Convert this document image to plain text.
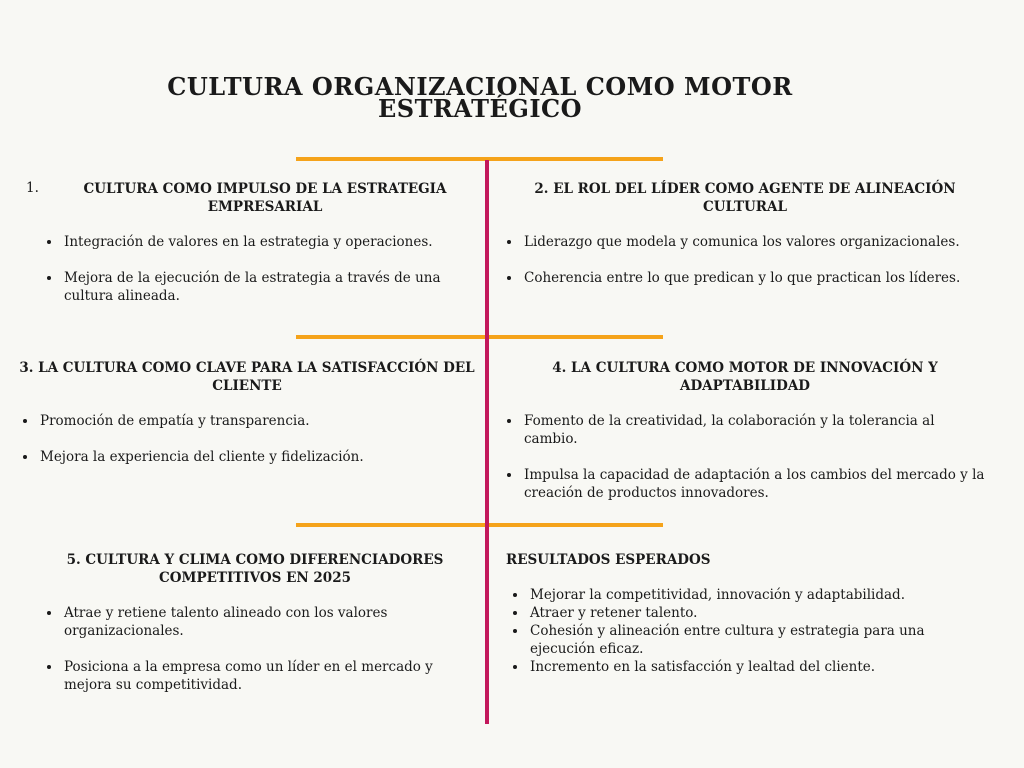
CULTURA ORGANIZACIONAL COMO MOTOR ESTRATÉGICO
1.	CULTURA COMO IMPULSO DE LA ESTRATEGIA EMPRESARIAL
• Integración de valores en la estrategia y operaciones.
• Mejora de la ejecución de la estrategia a través de una cultura alineada.
2. EL ROL DEL LÍDER COMO AGENTE DE ALINEACIÓN CULTURAL
• Liderazgo que modela y comunica los valores organizacionales.
• Coherencia entre lo que predican y lo que practican los líderes.
3. LA CULTURA COMO CLAVE PARA LA SATISFACCIÓN DEL CLIENTE
• Promoción de empatía y transparencia.
• Mejora la experiencia del cliente y fidelización.
4. LA CULTURA COMO MOTOR DE INNOVACIÓN Y ADAPTABILIDAD
• Fomento de la creatividad, la colaboración y la tolerancia al cambio.
• Impulsa la capacidad de adaptación a los cambios del mercado y la creación de productos innovadores.
5. CULTURA Y CLIMA COMO DIFERENCIADORES COMPETITIVOS EN 2025
• Atrae y retiene talento alineado con los valores organizacionales.
• Posiciona a la empresa como un líder en el mercado y mejora su competitividad.
RESULTADOS ESPERADOS
• Mejorar la competitividad, innovación y adaptabilidad.
• Atraer y retener talento.
• Cohesión y alineación entre cultura y estrategia para una ejecución eficaz.
• Incremento en la satisfacción y lealtad del cliente.
